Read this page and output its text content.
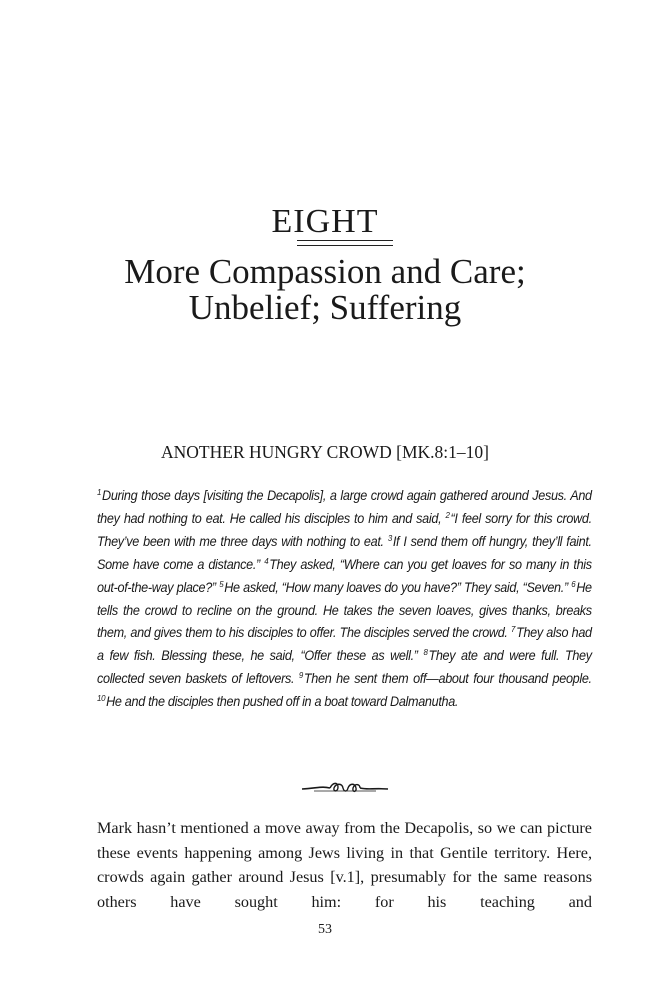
EIGHT
More Compassion and Care;
Unbelief; Suffering
ANOTHER HUNGRY CROWD [MK.8:1–10]

$^1$During those days [visiting the Decapolis], a large crowd again gathered around Jesus. And they had nothing to eat. He called his disciples to him and said, $^2$“I feel sorry for this crowd. They’ve been with me three days with nothing to eat. $^3$If I send them off hungry, they’ll faint. Some have come a distance.” $^4$They asked, “Where can you get loaves for so many in this out-of-the-way place?” $^5$He asked, “How many loaves do you have?” They said, “Seven.” $^6$He tells the crowd to recline on the ground. He takes the seven loaves, gives thanks, breaks them, and gives them to his disciples to offer. The disciples served the crowd. $^7$They also had a few fish. Blessing these, he said, “Offer these as well.” $^8$They ate and were full. They collected seven baskets of leftovers. $^9$Then he sent them off—about four thousand people. $^{10}$He and the disciples then pushed off in a boat toward Dalmanutha.

Mark hasn’t mentioned a move away from the Decapolis, so we can picture these events happening among Jews living in that Gentile territory. Here, crowds again gather around Jesus [v.1], presumably for the same reasons others have sought him: for his teaching and

53
